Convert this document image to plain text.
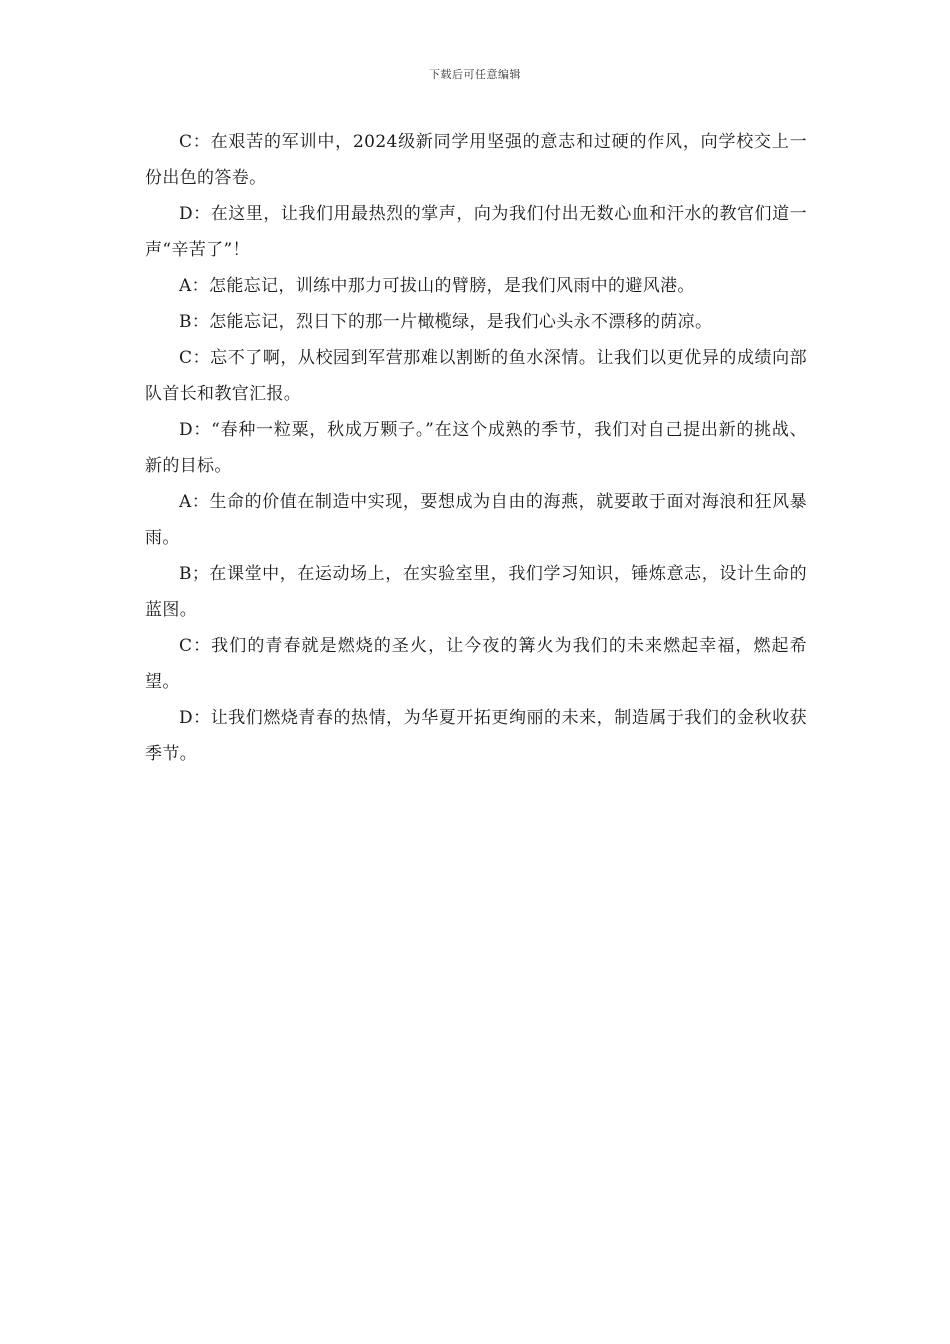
下载后可任意编辑

C：在艰苦的军训中，2024级新同学用坚强的意志和过硬的作风，向学校交上一份出色的答卷。

D：在这里，让我们用最热烈的掌声，向为我们付出无数心血和汗水的教官们道一声“辛苦了”！

A：怎能忘记，训练中那力可拔山的臂膀，是我们风雨中的避风港。

B：怎能忘记，烈日下的那一片橄榄绿，是我们心头永不漂移的荫凉。

C：忘不了啊，从校园到军营那难以割断的鱼水深情。让我们以更优异的成绩向部队首长和教官汇报。

D：“春种一粒粟，秋成万颗子。”在这个成熟的季节，我们对自己提出新的挑战、新的目标。

A：生命的价值在制造中实现，要想成为自由的海燕，就要敢于面对海浪和狂风暴雨。

B；在课堂中，在运动场上，在实验室里，我们学习知识，锤炼意志，设计生命的蓝图。

C：我们的青春就是燃烧的圣火，让今夜的篝火为我们的未来燃起幸福，燃起希望。

D：让我们燃烧青春的热情，为华夏开拓更绚丽的未来，制造属于我们的金秋收获季节。
